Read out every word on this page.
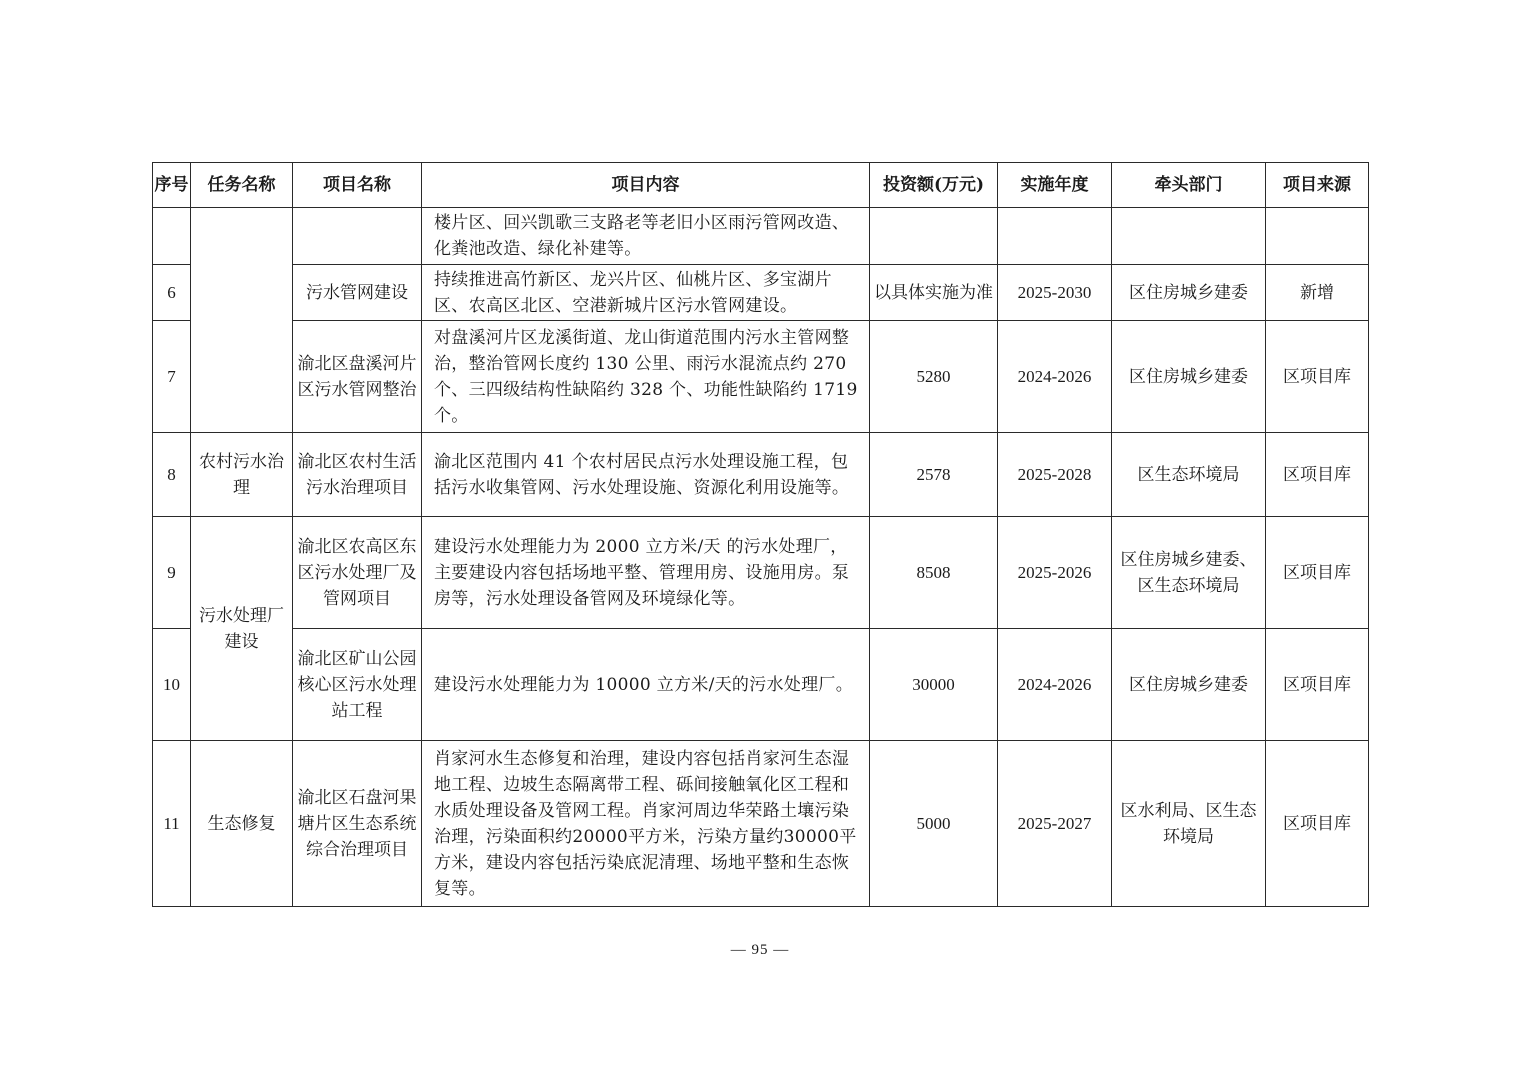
序号	任务名称	项目名称	项目内容	投资额(万元)	实施年度	牵头部门	项目来源
			楼片区、回兴凯歌三支路老等老旧小区雨污管网改造、化粪池改造、绿化补建等。				
6		污水管网建设	持续推进高竹新区、龙兴片区、仙桃片区、多宝湖片区、农高区北区、空港新城片区污水管网建设。	以具体实施为准	2025-2030	区住房城乡建委	新增
7		渝北区盘溪河片区污水管网整治	对盘溪河片区龙溪街道、龙山街道范围内污水主管网整治，整治管网长度约 130 公里、雨污水混流点约 270 个、三四级结构性缺陷约 328 个、功能性缺陷约 1719 个。	5280	2024-2026	区住房城乡建委	区项目库
8	农村污水治理	渝北区农村生活污水治理项目	渝北区范围内 41 个农村居民点污水处理设施工程，包括污水收集管网、污水处理设施、资源化利用设施等。	2578	2025-2028	区生态环境局	区项目库
9	污水处理厂建设	渝北区农高区东区污水处理厂及管网项目	建设污水处理能力为 2000 立方米/天 的污水处理厂，主要建设内容包括场地平整、管理用房、设施用房。泵房等，污水处理设备管网及环境绿化等。	8508	2025-2026	区住房城乡建委、区生态环境局	区项目库
10		渝北区矿山公园核心区污水处理站工程	建设污水处理能力为 10000 立方米/天的污水处理厂。	30000	2024-2026	区住房城乡建委	区项目库
11	生态修复	渝北区石盘河果塘片区生态系统综合治理项目	肖家河水生态修复和治理，建设内容包括肖家河生态湿地工程、边坡生态隔离带工程、砾间接触氧化区工程和水质处理设备及管网工程。肖家河周边华荣路土壤污染治理，污染面积约20000平方米，污染方量约30000平方米，建设内容包括污染底泥清理、场地平整和生态恢复等。	5000	2025-2027	区水利局、区生态环境局	区项目库
— 95 —
